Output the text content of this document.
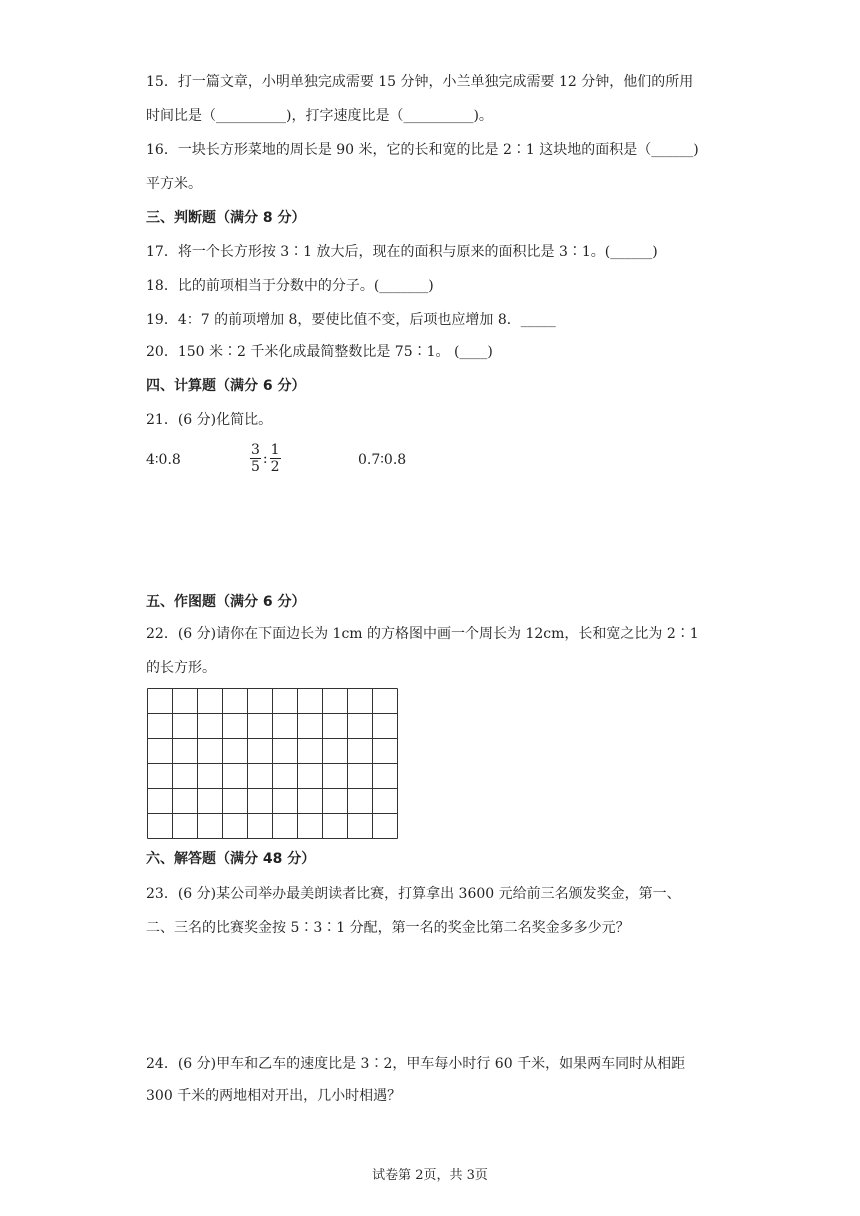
15．打一篇文章，小明单独完成需要 15 分钟，小兰单独完成需要 12 分钟，他们的所用
时间比是（__________)，打字速度比是（__________)。
16．一块长方形菜地的周长是 90 米，它的长和宽的比是 2∶1 这块地的面积是（______)
平方米。
三、判断题（满分 8 分）
17．将一个长方形按 3∶1 放大后，现在的面积与原来的面积比是 3∶1。(______)
18．比的前项相当于分数中的分子。(_______)
19．4：7 的前项增加 8，要使比值不变，后项也应增加 8．_____
20．150 米∶2 千米化成最简整数比是 75∶1。 (____)
四、计算题（满分 6 分）
21．(6 分)化简比。
4∶0.8
3
5
:
1
2	0.7∶0.8
五、作图题（满分 6 分）
22．(6 分)请你在下面边长为 1cm 的方格图中画一个周长为 12cm，长和宽之比为 2∶1
的长方形。
六、解答题（满分 48 分）
23．(6 分)某公司举办最美朗读者比赛，打算拿出 3600 元给前三名颁发奖金，第一、
二、三名的比赛奖金按 5∶3∶1 分配，第一名的奖金比第二名奖金多多少元？
24．(6 分)甲车和乙车的速度比是 3∶2，甲车每小时行 60 千米，如果两车同时从相距
300 千米的两地相对开出，几小时相遇？
试卷第 2页，共 3页
